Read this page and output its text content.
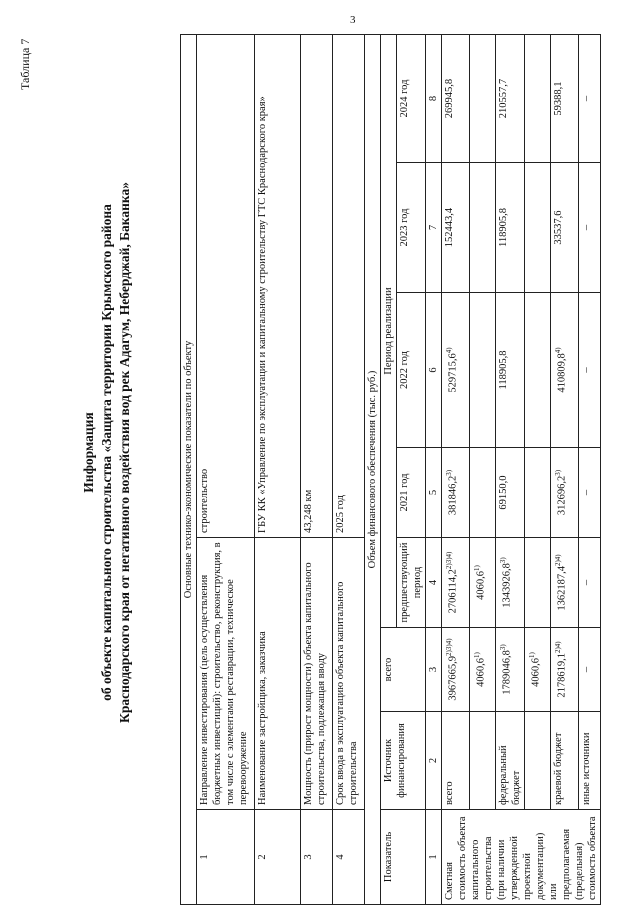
3
Таблица 7
Информация об объекте капитального строительства «Защита территории Крымского района Краснодарского края от негативного воздействия вод рек Адагум, Неберджай, Баканка»	Основные технико-экономические показатели по объекту							
1	Направление инвестирования (цель осуществления бюджетных инвестиций): строительство, реконструкция, в том числе с элементами реставрации, техническое перевооружение			строительство			
2	Наименование застройщика, заказчика			ГБУ КК «Управление по эксплуатации и капитальному строительству ГТС Краснодарского края»			
3	Мощность (прирост мощности) объекта капитального строительства, подлежащая вводу			43,248 км			
4	Срок ввода в эксплуатацию объекта капитального строительства			2025 год			
Объем финансового обеспечения (тыс. руб.)							
Показатель	Источник финансирования	всего	Период реализации				
			предшествующий период	2021 год	2022 год	2023 год	2024 год
1	2	3	4	5	6	7	8
Сметная стоимость объекта капитального строительства (при наличии утвержденной проектной документации) или предполагаемая (предельная) стоимость объекта	всего	$3967665,9^{2)3)4)}$	$2706114,2^{2)3)4)}$	381846,2$^{3)}$	529715,6$^{4)}$	152443,4	269945,8
		4060,6$^{1)}$	4060,6$^{1)}$				
	федеральный бюджет	1789046,8$^{3)}$	1343926,8$^{3)}$	69150,0	118905,8	118905,8	210557,7
		4060,6$^{1)}$					
	краевой бюджет	$2178619,1^{2)4)}$	$1362187,4^{2)4)}$	312696,2$^{3)}$	410809,8$^{4)}$	33537,6	59388,1
	иные источники	–	–	–	–	–	–
